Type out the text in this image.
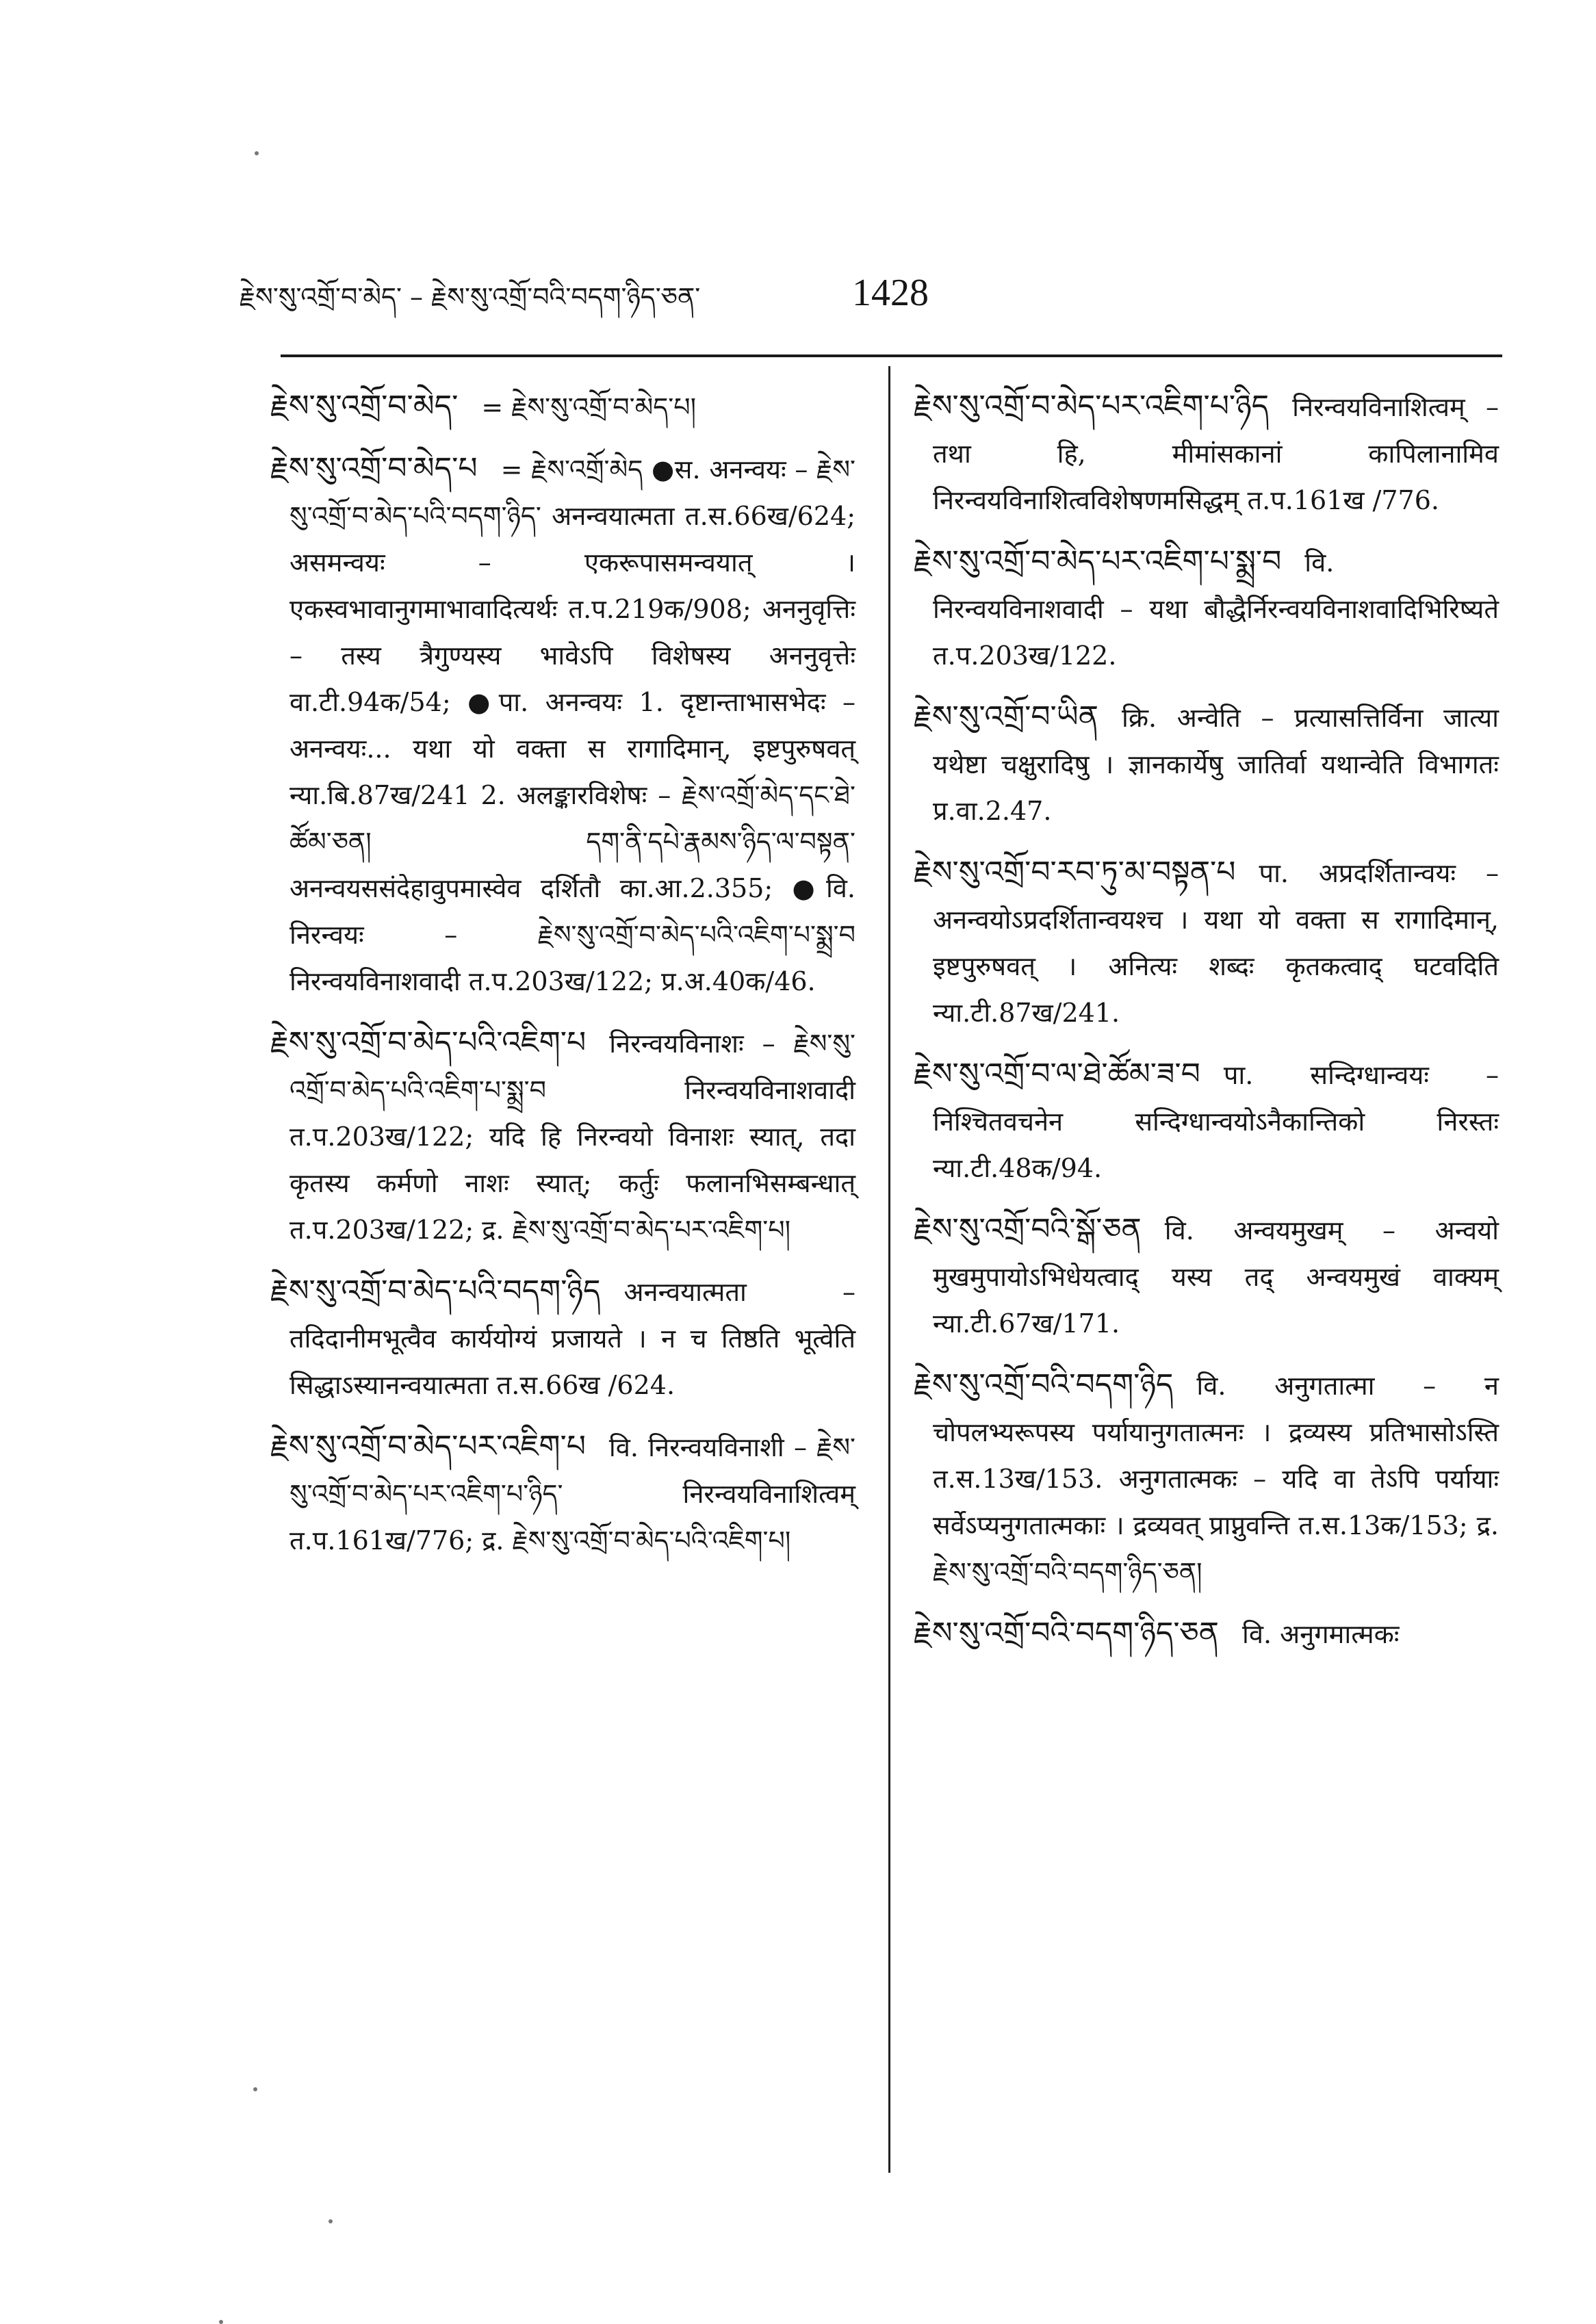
རྗེས་སུ་འགྲོ་བ་མེད་ – རྗེས་སུ་འགྲོ་བའི་བདག་ཉིད་ཅན་	1428

རྗེས་སུ་འགྲོ་བ་མེད་ = རྗེས་སུ་འགྲོ་བ་མེད་པ།

རྗེས་སུ་འགྲོ་བ་མེད་པ = རྗེས་འགྲོ་མེད ●स. अनन्वयः – རྗེས་སུ་འགྲོ་བ་མེད་པའི་བདག་ཉིད་ अनन्वयात्मता त.स.66ख/624; असमन्वयः – एकरूपासमन्वयात् । एकस्वभावानुगमाभावादित्यर्थः त.प.219क/908; अननुवृत्तिः – तस्य त्रैगुण्यस्य भावेऽपि विशेषस्य अननुवृत्तेः वा.टी.94क/54; ●पा. अनन्वयः 1. दृष्टान्ताभासभेदः – अनन्वयः... यथा यो वक्ता स रागादिमान्, इष्टपुरुषवत् न्या.बि.87ख/241 2. अलङ्कारविशेषः – རྗེས་འགྲོ་མེད་དང་ཐེ་ཚོམ་ཅན། དག་ནི་དཔེ་རྣམས་ཉིད་ལ་བསྟན་ अनन्वयससंदेहावुपमास्वेव दर्शितौ का.आ.2.355; ●वि. निरन्वयः – རྗེས་སུ་འགྲོ་བ་མེད་པའི་འཇིག་པ་སྨྲ་བ निरन्वयविनाशवादी त.प.203ख/122; प्र.अ.40क/46.

རྗེས་སུ་འགྲོ་བ་མེད་པའི་འཇིག་པ निरन्वयविनाशः – རྗེས་སུ་འགྲོ་བ་མེད་པའི་འཇིག་པ་སྨྲ་བ निरन्वयविनाशवादी त.प.203ख/122; यदि हि निरन्वयो विनाशः स्यात्, तदा कृतस्य कर्मणो नाशः स्यात्; कर्तुः फलानभिसम्बन्धात् त.प.203ख/122; द्र. རྗེས་སུ་འགྲོ་བ་མེད་པར་འཇིག་པ།

རྗེས་སུ་འགྲོ་བ་མེད་པའི་བདག་ཉིད अनन्वयात्मता – तदिदानीमभूत्वैव कार्ययोग्यं प्रजायते । न च तिष्ठति भूत्वेति सिद्धाऽस्यानन्वयात्मता त.स.66ख /624.

རྗེས་སུ་འགྲོ་བ་མེད་པར་འཇིག་པ वि. निरन्वयविनाशी – རྗེས་སུ་འགྲོ་བ་མེད་པར་འཇིག་པ་ཉིད་ निरन्वयविनाशित्वम् त.प.161ख/776; द्र. རྗེས་སུ་འགྲོ་བ་མེད་པའི་འཇིག་པ།

རྗེས་སུ་འགྲོ་བ་མེད་པར་འཇིག་པ་ཉིད निरन्वयविनाशित्वम् – तथा हि, मीमांसकानां कापिलानामिव निरन्वयविनाशित्वविशेषणमसिद्धम् त.प.161ख /776.

རྗེས་སུ་འགྲོ་བ་མེད་པར་འཇིག་པ་སྨྲ་བ वि. निरन्वयविनाशवादी – यथा बौद्धैर्निरन्वयविनाशवादिभिरिष्यते त.प.203ख/122.

རྗེས་སུ་འགྲོ་བ་ཡིན क्रि. अन्वेति – प्रत्यासत्तिर्विना जात्या यथेष्टा चक्षुरादिषु । ज्ञानकार्येषु जातिर्वा यथान्वेति विभागतः प्र.वा.2.47.

རྗེས་སུ་འགྲོ་བ་རབ་ཏུ་མ་བསྟན་པ पा. अप्रदर्शितान्वयः – अनन्वयोऽप्रदर्शितान्वयश्च । यथा यो वक्ता स रागादिमान्, इष्टपुरुषवत् । अनित्यः शब्दः कृतकत्वाद् घटवदिति न्या.टी.87ख/241.

རྗེས་སུ་འགྲོ་བ་ལ་ཐེ་ཚོམ་ཟ་བ पा. सन्दिग्धान्वयः – निश्चितवचनेन सन्दिग्धान्वयोऽनैकान्तिको निरस्तः न्या.टी.48क/94.

རྗེས་སུ་འགྲོ་བའི་སྒོ་ཅན वि. अन्वयमुखम् – अन्वयो मुखमुपायोऽभिधेयत्वाद् यस्य तद् अन्वयमुखं वाक्यम् न्या.टी.67ख/171.

རྗེས་སུ་འགྲོ་བའི་བདག་ཉིད वि. अनुगतात्मा – न चोपलभ्यरूपस्य पर्यायानुगतात्मनः । द्रव्यस्य प्रतिभासोऽस्ति त.स.13ख/153. अनुगतात्मकः – यदि वा तेऽपि पर्यायाः सर्वेऽप्यनुगतात्मकाः । द्रव्यवत् प्राप्नुवन्ति त.स.13क/153; द्र. རྗེས་སུ་འགྲོ་བའི་བདག་ཉིད་ཅན།

རྗེས་སུ་འགྲོ་བའི་བདག་ཉིད་ཅན वि. अनुगमात्मकः
